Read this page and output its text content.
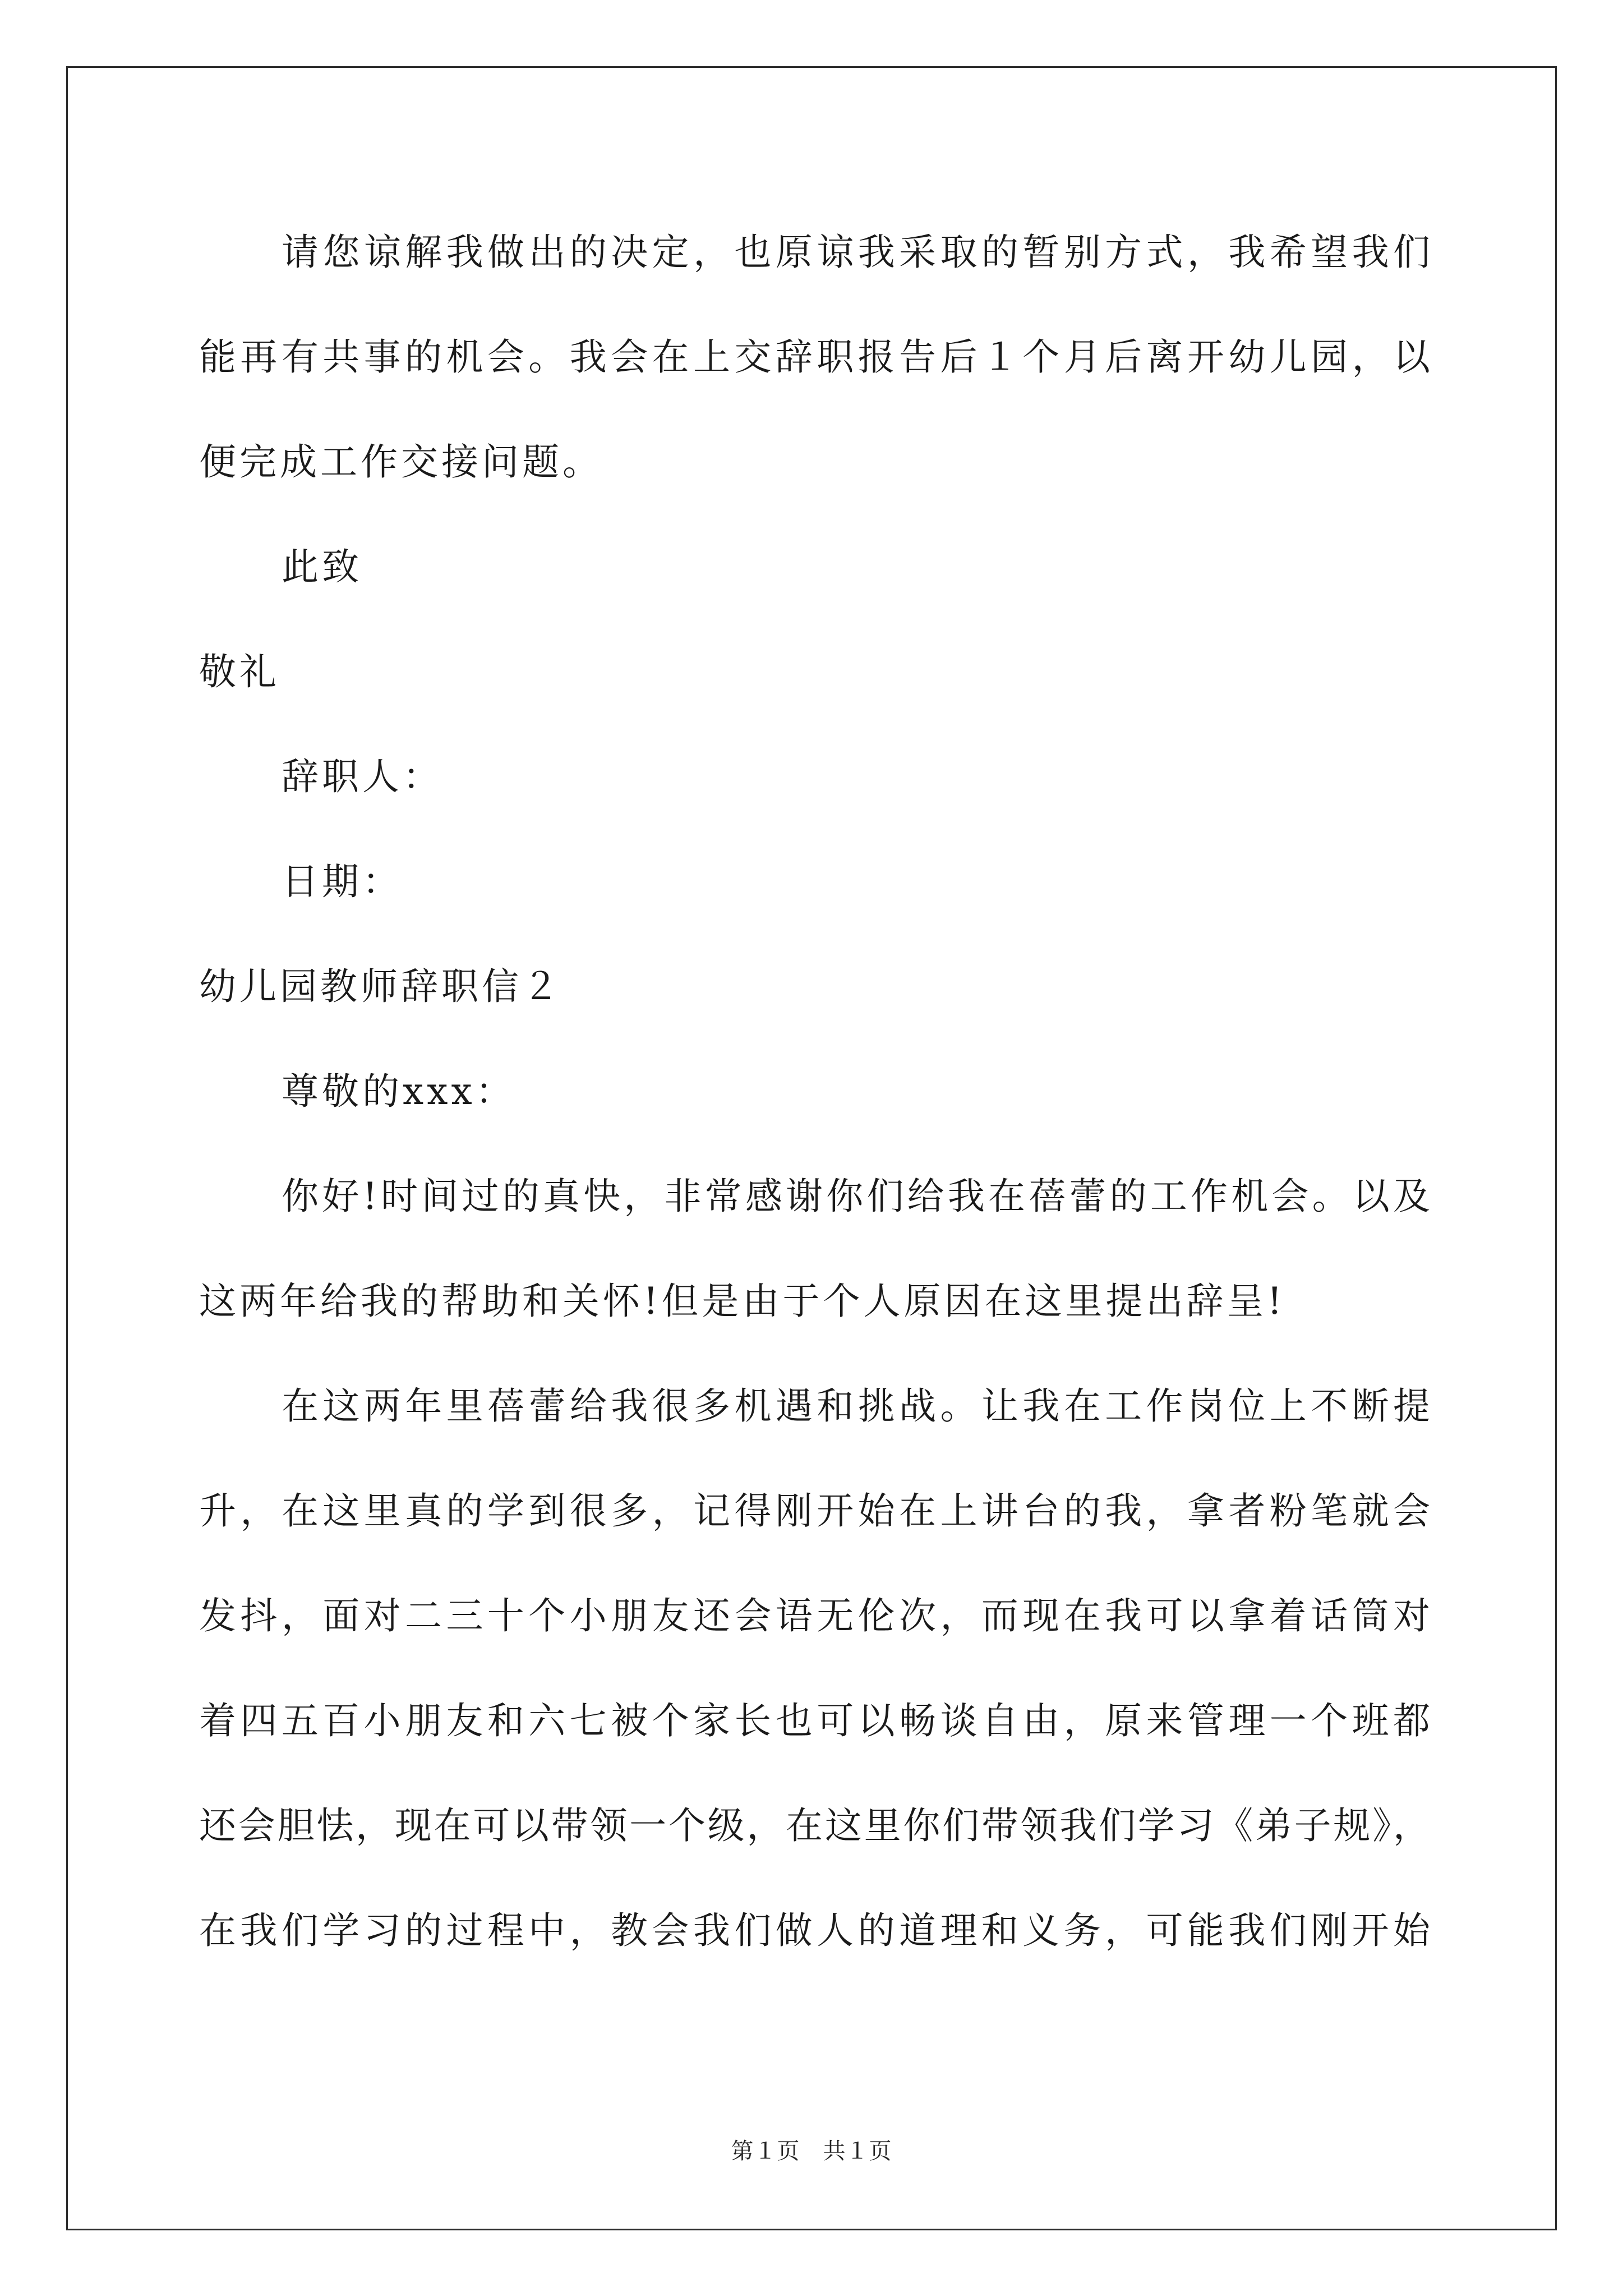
请您谅解我做出的决定，也原谅我采取的暂别方式，我希望我们
能再有共事的机会。我会在上交辞职报告后１个月后离开幼儿园，以
便完成工作交接问题。
此致
敬礼
辞职人：
日期：
幼儿园教师辞职信２
尊敬的xxx：
你好!时间过的真快，非常感谢你们给我在蓓蕾的工作机会。以及
这两年给我的帮助和关怀!但是由于个人原因在这里提出辞呈!
在这两年里蓓蕾给我很多机遇和挑战。让我在工作岗位上不断提
升，在这里真的学到很多，记得刚开始在上讲台的我，拿者粉笔就会
发抖，面对二三十个小朋友还会语无伦次，而现在我可以拿着话筒对
着四五百小朋友和六七被个家长也可以畅谈自由，原来管理一个班都
还会胆怯，现在可以带领一个级，在这里你们带领我们学习《弟子规》，
在我们学习的过程中，教会我们做人的道理和义务，可能我们刚开始
第１页　共１页
